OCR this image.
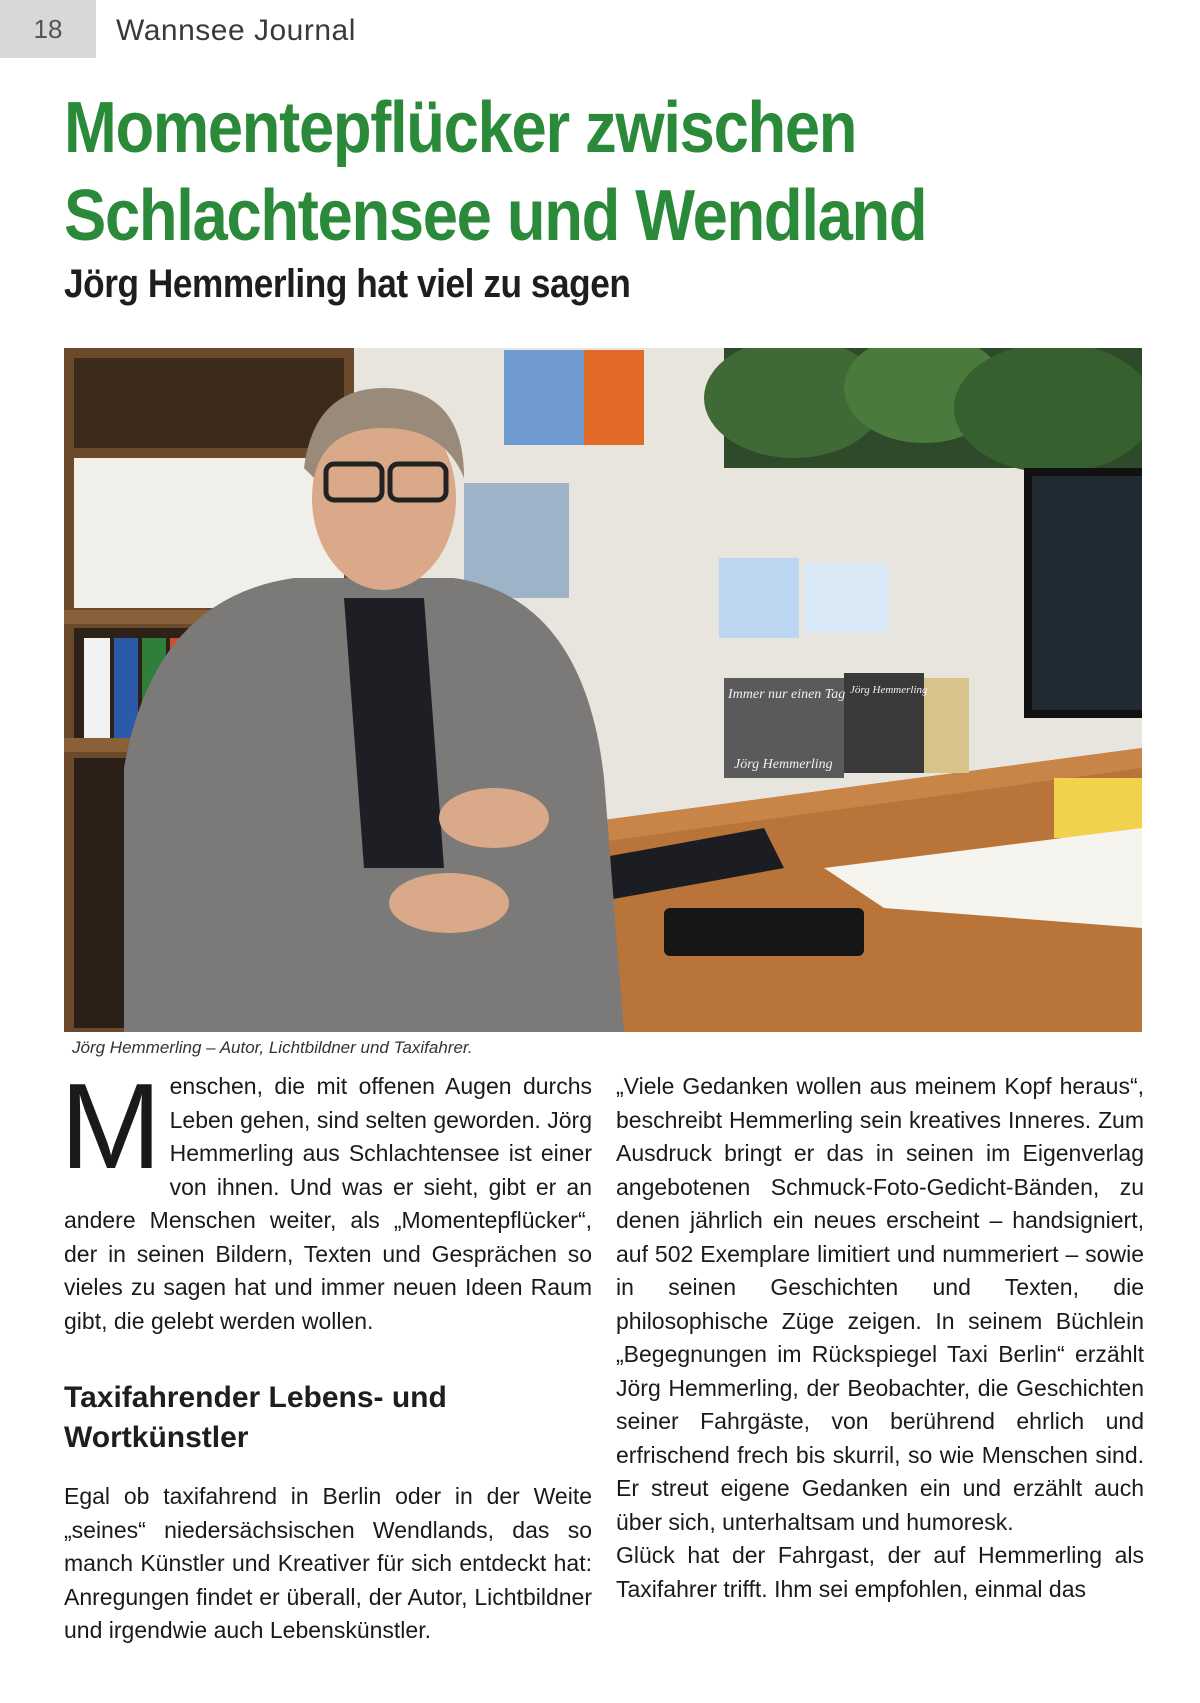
18	Wannsee Journal
Momentepflücker zwischen
Schlachtensee und Wendland
Jörg Hemmerling hat viel zu sagen
Immer nur einen Tag
Jörg Hemmerling
Jörg Hemmerling
Jörg Hemmerling – Autor, Lichtbildner und Taxifahrer.

Menschen, die mit offenen Augen durchs Leben gehen, sind selten geworden. Jörg Hemmerling aus Schlachtensee ist einer von ihnen. Und was er sieht, gibt er an andere Menschen weiter, als „Momentepflücker“, der in seinen Bildern, Texten und Gesprächen so vieles zu sagen hat und immer neuen Ideen Raum gibt, die gelebt werden wollen.

Taxifahrender Lebens- und Wortkünstler

Egal ob taxifahrend in Berlin oder in der Weite „seines“ niedersächsischen Wendlands, das so manch Künstler und Kreativer für sich entdeckt hat: Anregungen findet er überall, der Autor, Lichtbildner und irgendwie auch Lebenskünstler.

„Viele Gedanken wollen aus meinem Kopf heraus“, beschreibt Hemmerling sein kreatives Inneres. Zum Ausdruck bringt er das in seinen im Eigenverlag angebotenen Schmuck-Foto-Gedicht-Bänden, zu denen jährlich ein neues erscheint – handsigniert, auf 502 Exemplare limitiert und nummeriert – sowie in seinen Geschichten und Texten, die philosophische Züge zeigen. In seinem Büchlein „Begegnungen im Rückspiegel Taxi Berlin“ erzählt Jörg Hemmerling, der Beobachter, die Geschichten seiner Fahrgäste, von berührend ehrlich und erfrischend frech bis skurril, so wie Menschen sind. Er streut eigene Gedanken ein und erzählt auch über sich, unterhaltsam und humoresk.

Glück hat der Fahrgast, der auf Hemmerling als Taxifahrer trifft. Ihm sei empfohlen, einmal das
